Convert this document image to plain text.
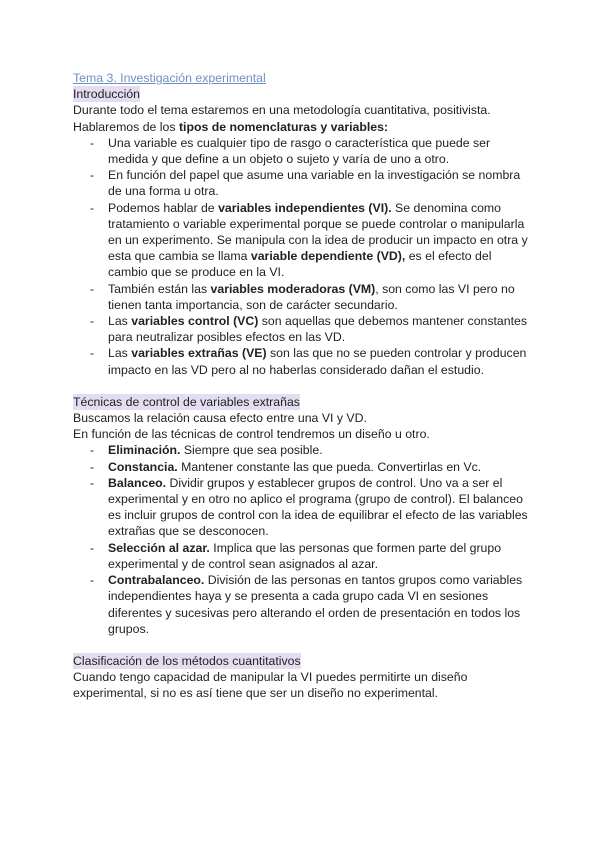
Tema 3. Investigación experimental
Introducción

Durante todo el tema estaremos en una metodología cuantitativa, positivista.

Hablaremos de los tipos de nomenclaturas y variables:

- Una variable es cualquier tipo de rasgo o característica que puede ser medida y que define a un objeto o sujeto y varía de uno a otro.
- En función del papel que asume una variable en la investigación se nombra de una forma u otra.
- Podemos hablar de variables independientes (VI). Se denomina como tratamiento o variable experimental porque se puede controlar o manipularla en un experimento. Se manipula con la idea de producir un impacto en otra y esta que cambia se llama variable dependiente (VD), es el efecto del cambio que se produce en la VI.
- También están las variables moderadoras (VM), son como las VI pero no tienen tanta importancia, son de carácter secundario.
- Las variables control (VC) son aquellas que debemos mantener constantes para neutralizar posibles efectos en las VD.
- Las variables extrañas (VE) son las que no se pueden controlar y producen impacto en las VD pero al no haberlas considerado dañan el estudio.
Técnicas de control de variables extrañas

Buscamos la relación causa efecto entre una VI y VD.

En función de las técnicas de control tendremos un diseño u otro.

- Eliminación. Siempre que sea posible.
- Constancia. Mantener constante las que pueda. Convertirlas en Vc.
- Balanceo. Dividir grupos y establecer grupos de control. Uno va a ser el experimental y en otro no aplico el programa (grupo de control). El balanceo es incluir grupos de control con la idea de equilibrar el efecto de las variables extrañas que se desconocen.
- Selección al azar. Implica que las personas que formen parte del grupo experimental y de control sean asignados al azar.
- Contrabalanceo. División de las personas en tantos grupos como variables independientes haya y se presenta a cada grupo cada VI en sesiones diferentes y sucesivas pero alterando el orden de presentación en todos los grupos.
Clasificación de los métodos cuantitativos

Cuando tengo capacidad de manipular la VI puedes permitirte un diseño experimental, si no es así tiene que ser un diseño no experimental.
